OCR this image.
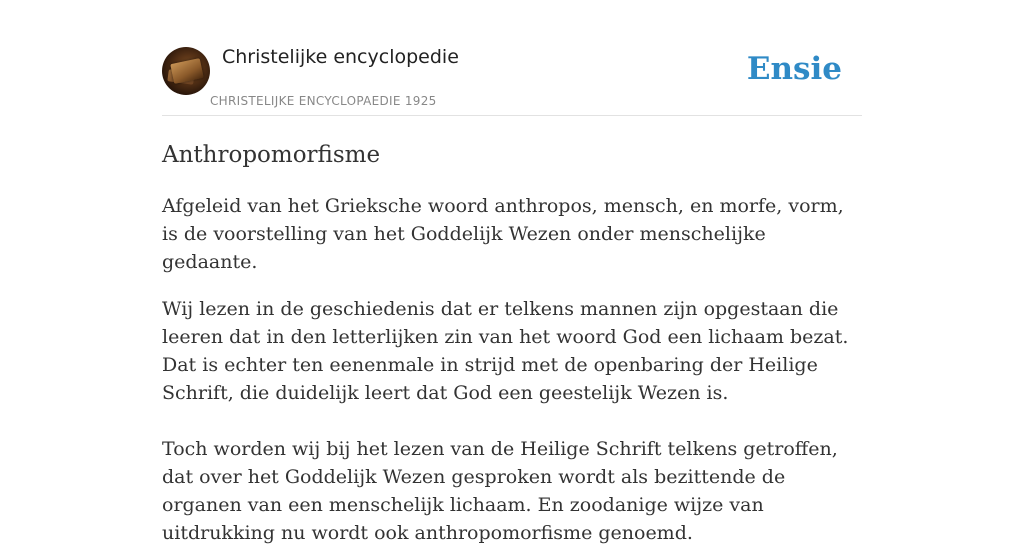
Christelijke encyclopedie
CHRISTELIJKE ENCYCLOPAEDIE 1925
Ensie
Anthropomorfisme

Afgeleid van het Grieksche woord anthropos, mensch, en morfe, vorm, is de voorstelling van het Goddelijk Wezen onder menschelijke gedaante.

Wij lezen in de geschiedenis dat er telkens mannen zijn opgestaan die leeren dat in den letterlijken zin van het woord God een lichaam bezat. Dat is echter ten eenenmale in strijd met de openbaring der Heilige Schrift, die duidelijk leert dat God een geestelijk Wezen is.

Toch worden wij bij het lezen van de Heilige Schrift telkens getroffen, dat over het Goddelijk Wezen gesproken wordt als bezittende de organen van een menschelijk lichaam. En zoodanige wijze van uitdrukking nu wordt ook anthropomorfisme genoemd.
